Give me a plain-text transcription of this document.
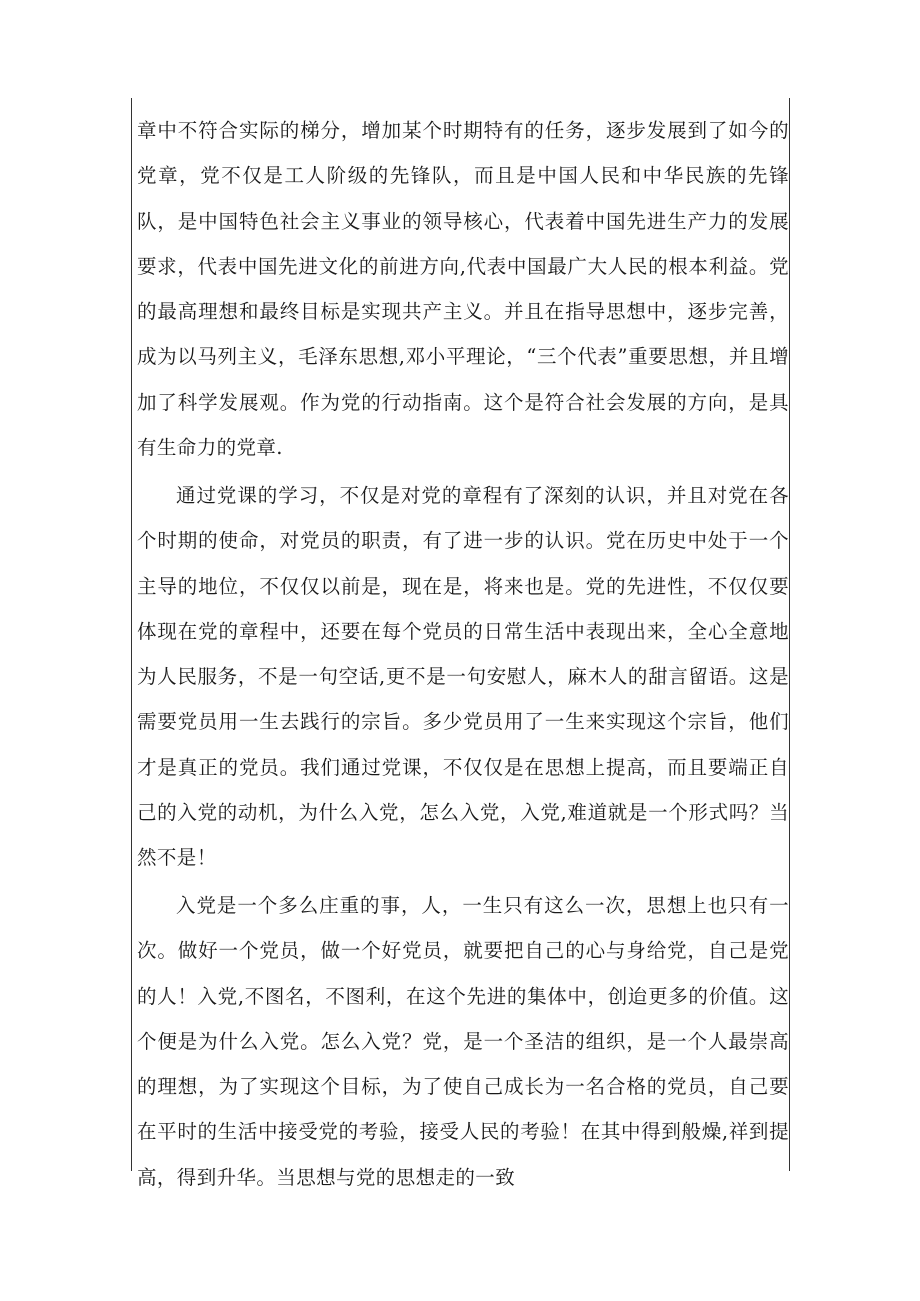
章中不符合实际的梯分，增加某个时期特有的任务，逐步发展到了如今的党章，党不仅是工人阶级的先锋队，而且是中国人民和中华民族的先锋队，是中国特色社会主义事业的领导核心，代表着中国先进生产力的发展要求，代表中国先进文化的前进方向,代表中国最广大人民的根本利益。党的最高理想和最终目标是实现共产主义。并且在指导思想中，逐步完善，成为以马列主义，毛泽东思想,邓小平理论，“三个代表”重要思想，并且增加了科学发展观。作为党的行动指南。这个是符合社会发展的方向，是具有生命力的党章.

通过党课的学习，不仅是对党的章程有了深刻的认识，并且对党在各个时期的使命，对党员的职责，有了进一步的认识。党在历史中处于一个主导的地位，不仅仅以前是，现在是，将来也是。党的先进性，不仅仅要体现在党的章程中，还要在每个党员的日常生活中表现出来，全心全意地为人民服务，不是一句空话,更不是一句安慰人，麻木人的甜言留语。这是需要党员用一生去践行的宗旨。多少党员用了一生来实现这个宗旨，他们才是真正的党员。我们通过党课，不仅仅是在思想上提高，而且要端正自己的入党的动机，为什么入党，怎么入党，入党,难道就是一个形式吗？当然不是！

入党是一个多么庄重的事，人，一生只有这么一次，思想上也只有一次。做好一个党员，做一个好党员，就要把自己的心与身给党，自己是党的人！入党,不图名，不图利，在这个先进的集体中，创迨更多的价值。这个便是为什么入党。怎么入党？党，是一个圣洁的组织，是一个人最崇高的理想，为了实现这个目标，为了使自己成长为一名合格的党员，自己要在平时的生活中接受党的考验，接受人民的考验！在其中得到般燥,祥到提高，得到升华。当思想与党的思想走的一致
